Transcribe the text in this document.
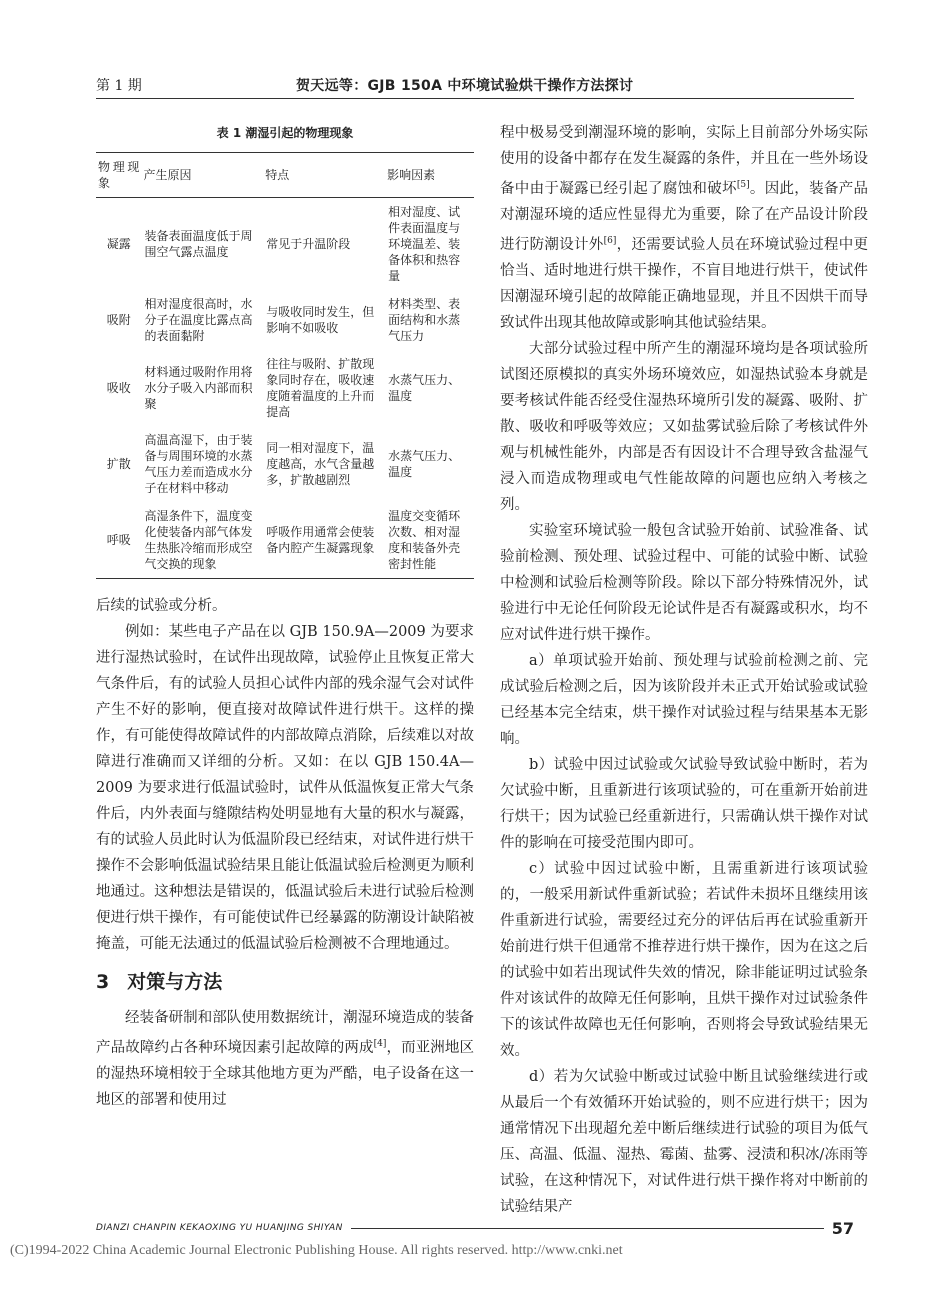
第 1 期	贺天远等：GJB 150A 中环境试验烘干操作方法探讨
表 1 潮湿引起的物理现象
物理现象	产生原因	特点	影响因素
凝露	装备表面温度低于周围空气露点温度	常见于升温阶段	相对湿度、试件表面温度与环境温差、装备体积和热容量
吸附	相对湿度很高时，水分子在温度比露点高的表面黏附	与吸收同时发生，但影响不如吸收	材料类型、表面结构和水蒸气压力
吸收	材料通过吸附作用将水分子吸入内部而积聚	往往与吸附、扩散现象同时存在，吸收速度随着温度的上升而提高	水蒸气压力、温度
扩散	高温高湿下，由于装备与周围环境的水蒸气压力差而造成水分子在材料中移动	同一相对湿度下，温度越高，水气含量越多，扩散越剧烈	水蒸气压力、温度
呼吸	高湿条件下，温度变化使装备内部气体发生热胀冷缩而形成空气交换的现象	呼吸作用通常会使装备内腔产生凝露现象	温度交变循环次数、相对湿度和装备外壳密封性能

后续的试验或分析。

例如：某些电子产品在以 GJB 150.9A—2009 为要求进行湿热试验时，在试件出现故障，试验停止且恢复正常大气条件后，有的试验人员担心试件内部的残余湿气会对试件产生不好的影响，便直接对故障试件进行烘干。这样的操作，有可能使得故障试件的内部故障点消除，后续难以对故障进行准确而又详细的分析。又如：在以 GJB 150.4A—2009 为要求进行低温试验时，试件从低温恢复正常大气条件后，内外表面与缝隙结构处明显地有大量的积水与凝露，有的试验人员此时认为低温阶段已经结束，对试件进行烘干操作不会影响低温试验结果且能让低温试验后检测更为顺利地通过。这种想法是错误的，低温试验后未进行试验后检测便进行烘干操作，有可能使试件已经暴露的防潮设计缺陷被掩盖，可能无法通过的低温试验后检测被不合理地通过。

3 对策与方法

经装备研制和部队使用数据统计，潮湿环境造成的装备产品故障约占各种环境因素引起故障的两成[4]，而亚洲地区的湿热环境相较于全球其他地方更为严酷，电子设备在这一地区的部署和使用过

程中极易受到潮湿环境的影响，实际上目前部分外场实际使用的设备中都存在发生凝露的条件，并且在一些外场设备中由于凝露已经引起了腐蚀和破坏[5]。因此，装备产品对潮湿环境的适应性显得尤为重要，除了在产品设计阶段进行防潮设计外[6]，还需要试验人员在环境试验过程中更恰当、适时地进行烘干操作，不盲目地进行烘干，使试件因潮湿环境引起的故障能正确地显现，并且不因烘干而导致试件出现其他故障或影响其他试验结果。

大部分试验过程中所产生的潮湿环境均是各项试验所试图还原模拟的真实外场环境效应，如湿热试验本身就是要考核试件能否经受住湿热环境所引发的凝露、吸附、扩散、吸收和呼吸等效应；又如盐雾试验后除了考核试件外观与机械性能外，内部是否有因设计不合理导致含盐湿气浸入而造成物理或电气性能故障的问题也应纳入考核之列。

实验室环境试验一般包含试验开始前、试验准备、试验前检测、预处理、试验过程中、可能的试验中断、试验中检测和试验后检测等阶段。除以下部分特殊情况外，试验进行中无论任何阶段无论试件是否有凝露或积水，均不应对试件进行烘干操作。

a）单项试验开始前、预处理与试验前检测之前、完成试验后检测之后，因为该阶段并未正式开始试验或试验已经基本完全结束，烘干操作对试验过程与结果基本无影响。

b）试验中因过试验或欠试验导致试验中断时，若为欠试验中断，且重新进行该项试验的，可在重新开始前进行烘干；因为试验已经重新进行，只需确认烘干操作对试件的影响在可接受范围内即可。

c）试验中因过试验中断，且需重新进行该项试验的，一般采用新试件重新试验；若试件未损坏且继续用该件重新进行试验，需要经过充分的评估后再在试验重新开始前进行烘干但通常不推荐进行烘干操作，因为在这之后的试验中如若出现试件失效的情况，除非能证明过试验条件对该试件的故障无任何影响，且烘干操作对过试验条件下的该试件故障也无任何影响，否则将会导致试验结果无效。

d）若为欠试验中断或过试验中断且试验继续进行或从最后一个有效循环开始试验的，则不应进行烘干；因为通常情况下出现超允差中断后继续进行试验的项目为低气压、高温、低温、湿热、霉菌、盐雾、浸渍和积冰/冻雨等试验，在这种情况下，对试件进行烘干操作将对中断前的试验结果产

DIANZI CHANPIN KEKAOXING YU HUANJING SHIYAN	57
(C)1994-2022 China Academic Journal Electronic Publishing House. All rights reserved. http://www.cnki.net
